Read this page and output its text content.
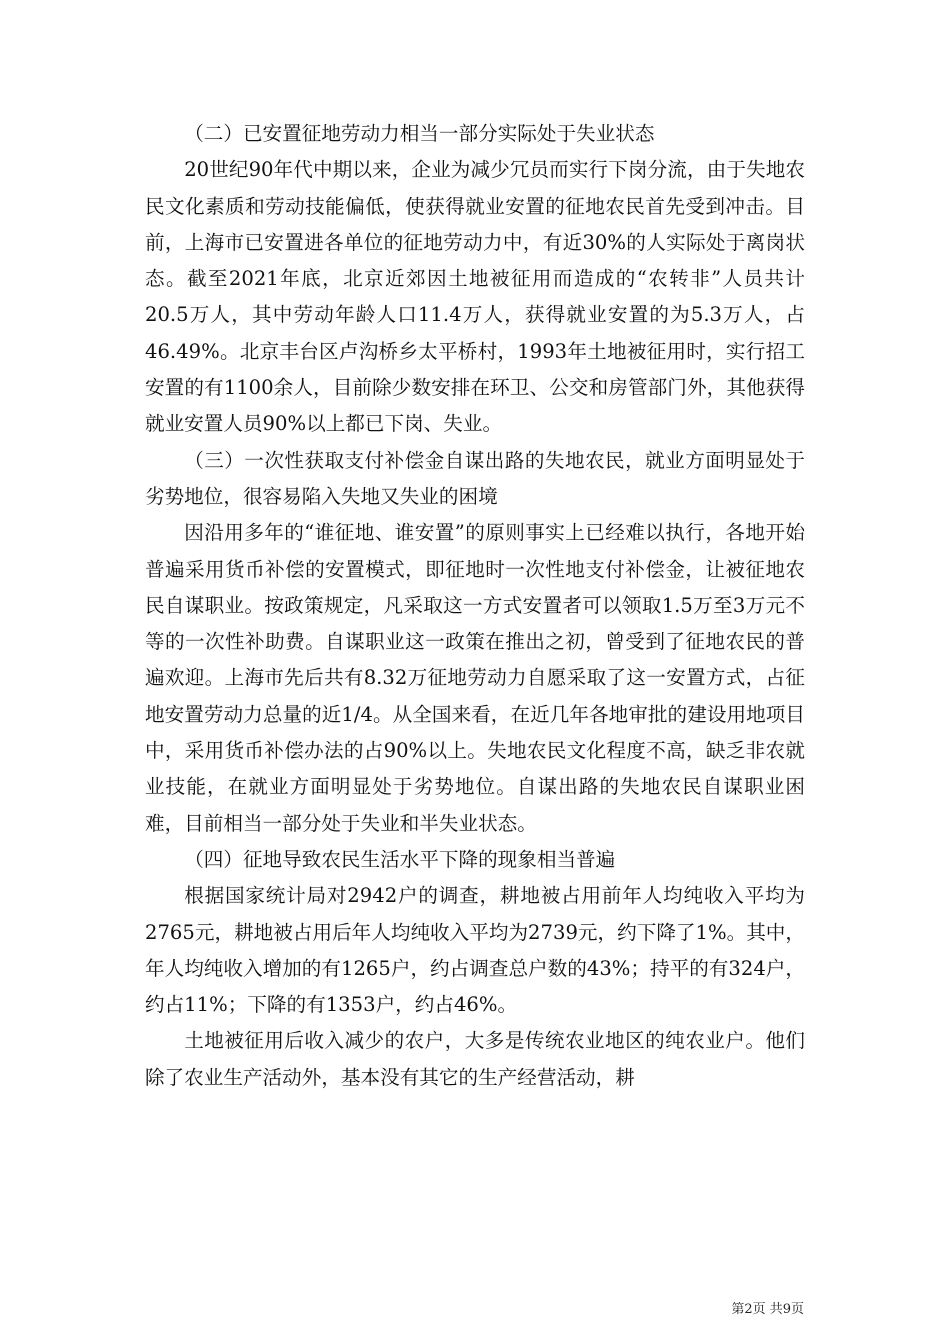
（二）已安置征地劳动力相当一部分实际处于失业状态

20世纪90年代中期以来，企业为减少冗员而实行下岗分流，由于失地农民文化素质和劳动技能偏低，使获得就业安置的征地农民首先受到冲击。目前，上海市已安置进各单位的征地劳动力中，有近30%的人实际处于离岗状态。截至2021年底，北京近郊因土地被征用而造成的“农转非”人员共计20.5万人，其中劳动年龄人口11.4万人，获得就业安置的为5.3万人，占46.49%。北京丰台区卢沟桥乡太平桥村，1993年土地被征用时，实行招工安置的有1100余人，目前除少数安排在环卫、公交和房管部门外，其他获得就业安置人员90%以上都已下岗、失业。

（三）一次性获取支付补偿金自谋出路的失地农民，就业方面明显处于劣势地位，很容易陷入失地又失业的困境

因沿用多年的“谁征地、谁安置”的原则事实上已经难以执行，各地开始普遍采用货币补偿的安置模式，即征地时一次性地支付补偿金，让被征地农民自谋职业。按政策规定，凡采取这一方式安置者可以领取1.5万至3万元不等的一次性补助费。自谋职业这一政策在推出之初，曾受到了征地农民的普遍欢迎。上海市先后共有8.32万征地劳动力自愿采取了这一安置方式，占征地安置劳动力总量的近1/4。从全国来看，在近几年各地审批的建设用地项目中，采用货币补偿办法的占90%以上。失地农民文化程度不高，缺乏非农就业技能，在就业方面明显处于劣势地位。自谋出路的失地农民自谋职业困难，目前相当一部分处于失业和半失业状态。

（四）征地导致农民生活水平下降的现象相当普遍

根据国家统计局对2942户的调查，耕地被占用前年人均纯收入平均为2765元，耕地被占用后年人均纯收入平均为2739元，约下降了1%。其中，年人均纯收入增加的有1265户，约占调查总户数的43%；持平的有324户，约占11%；下降的有1353户，约占46%。

土地被征用后收入减少的农户，大多是传统农业地区的纯农业户。他们除了农业生产活动外，基本没有其它的生产经营活动，耕

第2页 共9页
